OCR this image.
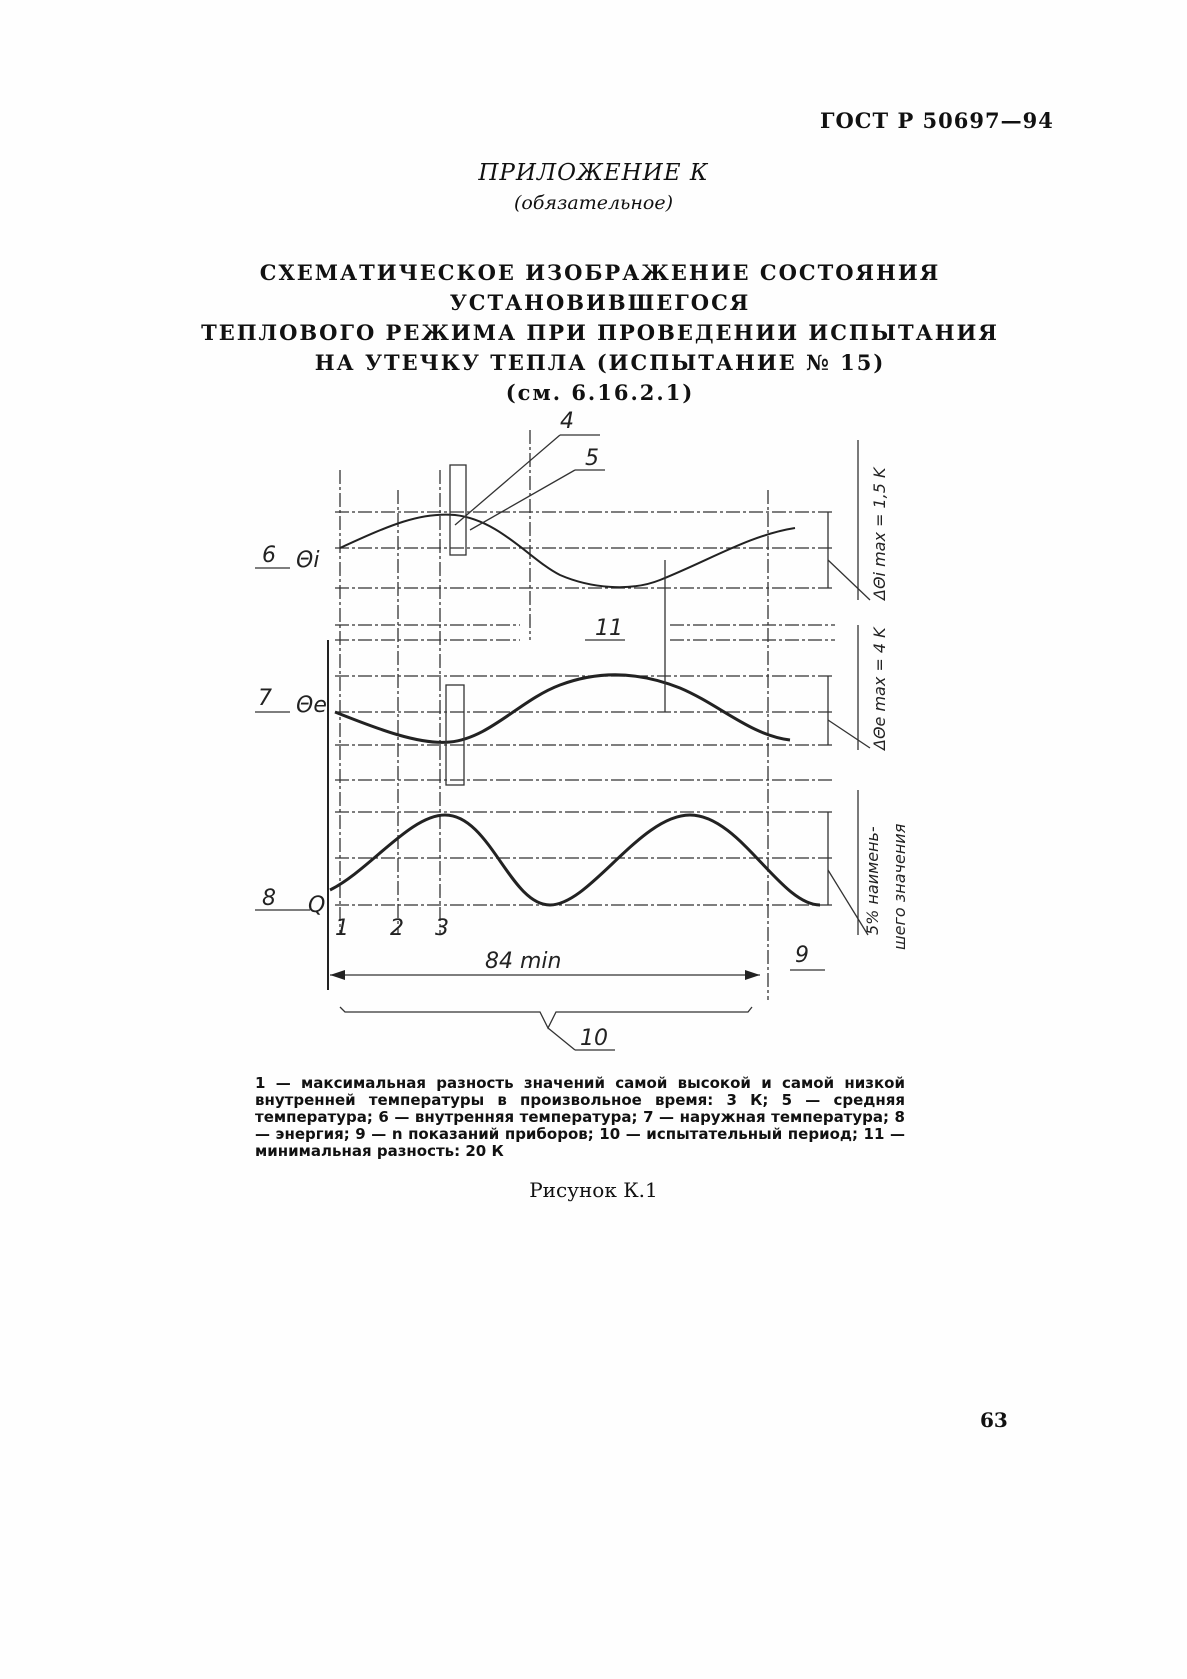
ГОСТ Р 50697—94
ПРИЛОЖЕНИЕ К
(обязательное)
СХЕМАТИЧЕСКОЕ ИЗОБРАЖЕНИЕ СОСТОЯНИЯ УСТАНОВИВШЕГОСЯ
ТЕПЛОВОГО РЕЖИМА ПРИ ПРОВЕДЕНИИ ИСПЫТАНИЯ
НА УТЕЧКУ ТЕПЛА (ИСПЫТАНИЕ № 15)
(см. 6.16.2.1)
4
5
6 Θi
11
7 Θe
8 Q
1 2 3
84 min	9
10
ΔΘi max = 1,5 K
ΔΘe max = 4 K
5% наимень- шего значения
1 — максимальная разность значений самой высокой и самой низкой внутренней температуры в произвольное время: 3 К; 5 — средняя температура; 6 — внутренняя температура; 7 — наружная температура; 8 — энергия; 9 — n показаний приборов; 10 — испытательный период; 11 — минимальная разность: 20 К
Рисунок К.1
63
